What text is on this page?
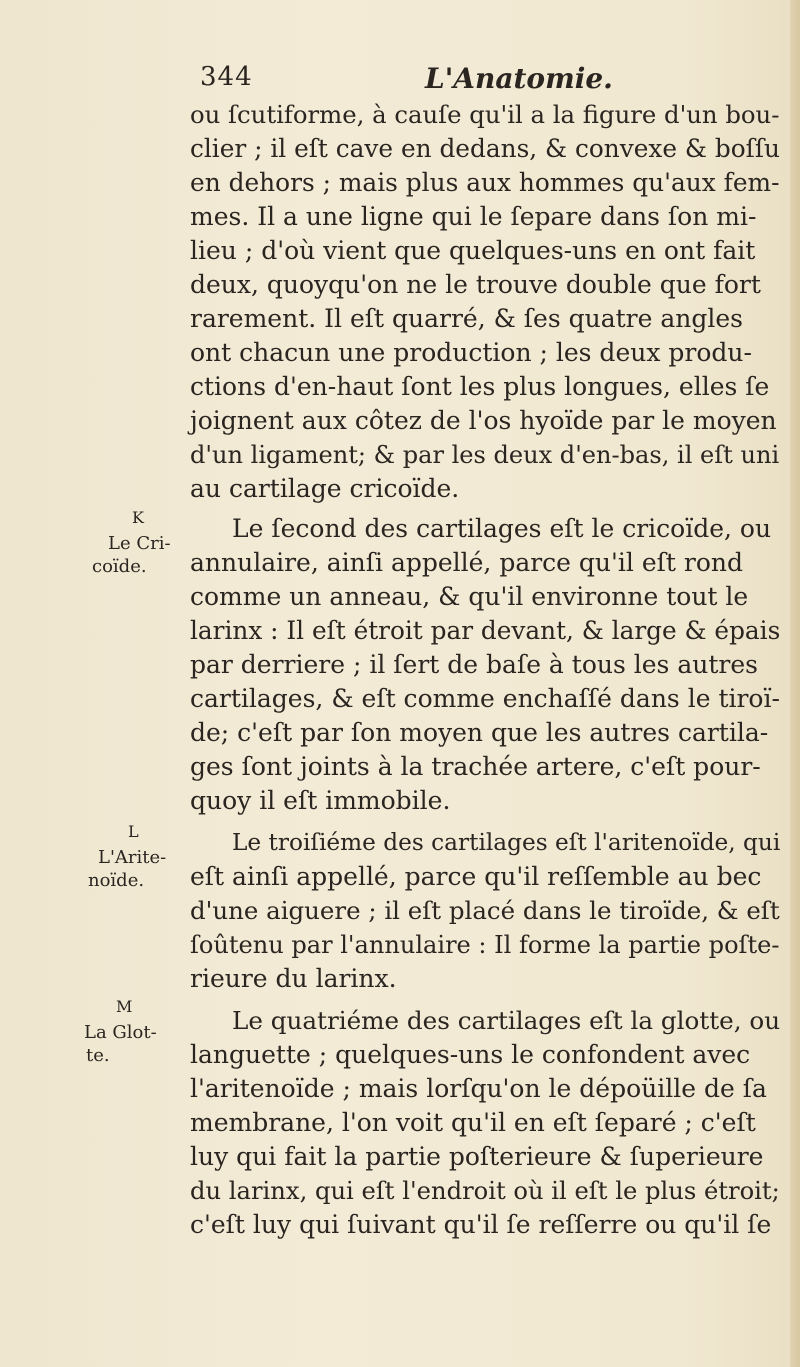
344	L'Anatomie.
K
Le Cri-
coïde.
L
L'Arite-
noïde.
M
La Glot-
te.
ou ſcutiforme, à cauſe qu'il a la figure d'un bou-
clier ; il eſt cave en dedans, & convexe & boſſu
en dehors ; mais plus aux hommes qu'aux fem-
mes. Il a une ligne qui le ſepare dans ſon mi-
lieu ; d'où vient que quelques-uns en ont fait
deux, quoyqu'on ne le trouve double que fort
rarement. Il eſt quarré, & ſes quatre angles
ont chacun une production ; les deux produ-
ctions d'en-haut ſont les plus longues, elles ſe
joignent aux côtez de l'os hyoïde par le moyen
d'un ligament; & par les deux d'en-bas, il eſt uni
au cartilage cricoïde.
Le ſecond des cartilages eſt le cricoïde, ou
annulaire, ainſi appellé, parce qu'il eſt rond
comme un anneau, & qu'il environne tout le
larinx : Il eſt étroit par devant, & large & épais
par derriere ; il ſert de baſe à tous les autres
cartilages, & eſt comme enchaſſé dans le tiroï-
de; c'eſt par ſon moyen que les autres cartila-
ges ſont joints à la trachée artere, c'eſt pour-
quoy il eſt immobile.
Le troiſiéme des cartilages eſt l'aritenoïde, qui
eſt ainſi appellé, parce qu'il reſſemble au bec
d'une aiguere ; il eſt placé dans le tiroïde, & eſt
ſoûtenu par l'annulaire : Il forme la partie poſte-
rieure du larinx.
Le quatriéme des cartilages eſt la glotte, ou
languette ; quelques-uns le confondent avec
l'aritenoïde ; mais lorſqu'on le dépoüille de ſa
membrane, l'on voit qu'il en eſt ſeparé ; c'eſt
luy qui fait la partie poſterieure & ſuperieure
du larinx, qui eſt l'endroit où il eſt le plus étroit;
c'eſt luy qui ſuivant qu'il ſe reſſerre ou qu'il ſe
